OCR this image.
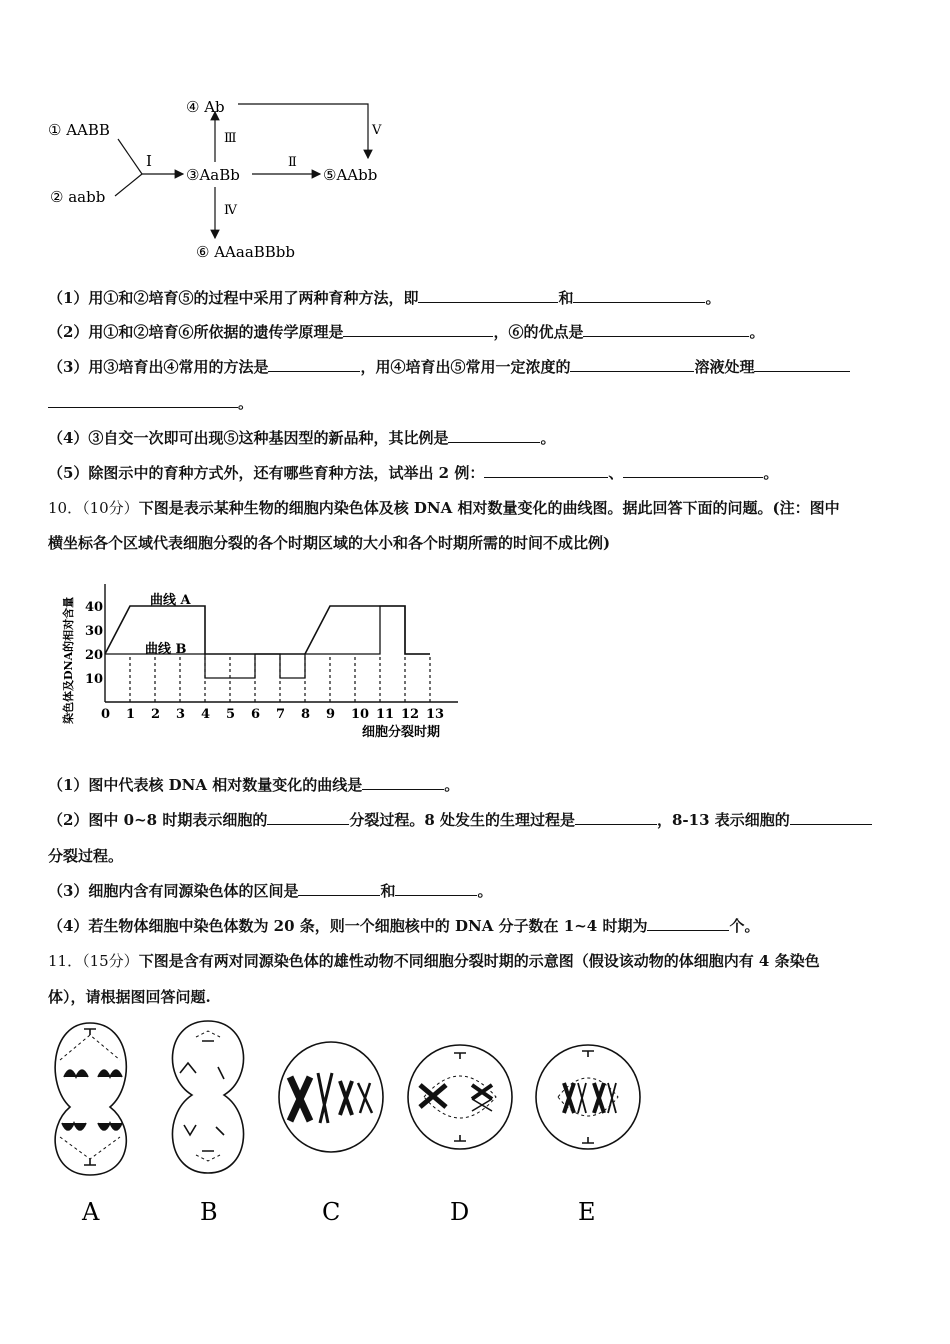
① AABB
② aabb
Ⅰ
③AaBb
Ⅲ
④ Ab
Ⅴ
Ⅱ
⑤AAbb
Ⅳ
⑥ AAaaBBbb
（1）用①和②培育⑤的过程中采用了两种育种方法，即	和	。
（2）用①和②培育⑥所依据的遗传学原理是	，⑥的优点是	。
（3）用③培育出④常用的方法是	，用④培育出⑤常用一定浓度的	溶液处理
。
（4）③自交一次即可出现⑤这种基因型的新品种，其比例是	。
（5）除图示中的育种方式外，还有哪些育种方法，试举出 2 例：	、	。
10．（10分）下图是表示某种生物的细胞内染色体及核 DNA 相对数量变化的曲线图。据此回答下面的问题。(注：图中
横坐标各个区域代表细胞分裂的各个时期区域的大小和各个时期所需的时间不成比例)
染色体及DNA的相对含量 10
20
30
40
0 1 2 3 4 5 6 7 8 9 10 11 12 13
曲线 A
曲线 B
细胞分裂时期
（1）图中代表核 DNA 相对数量变化的曲线是	。
（2）图中 0~8 时期表示细胞的	分裂过程。8 处发生的生理过程是	，8-13 表示细胞的
分裂过程。
（3）细胞内含有同源染色体的区间是	和	。
（4）若生物体细胞中染色体数为 20 条，则一个细胞核中的 DNA 分子数在 1~4 时期为	个。
11．（15分）下图是含有两对同源染色体的雄性动物不同细胞分裂时期的示意图（假设该动物的体细胞内有 4 条染色
体），请根据图回答问题.
A	B	C	D	E
